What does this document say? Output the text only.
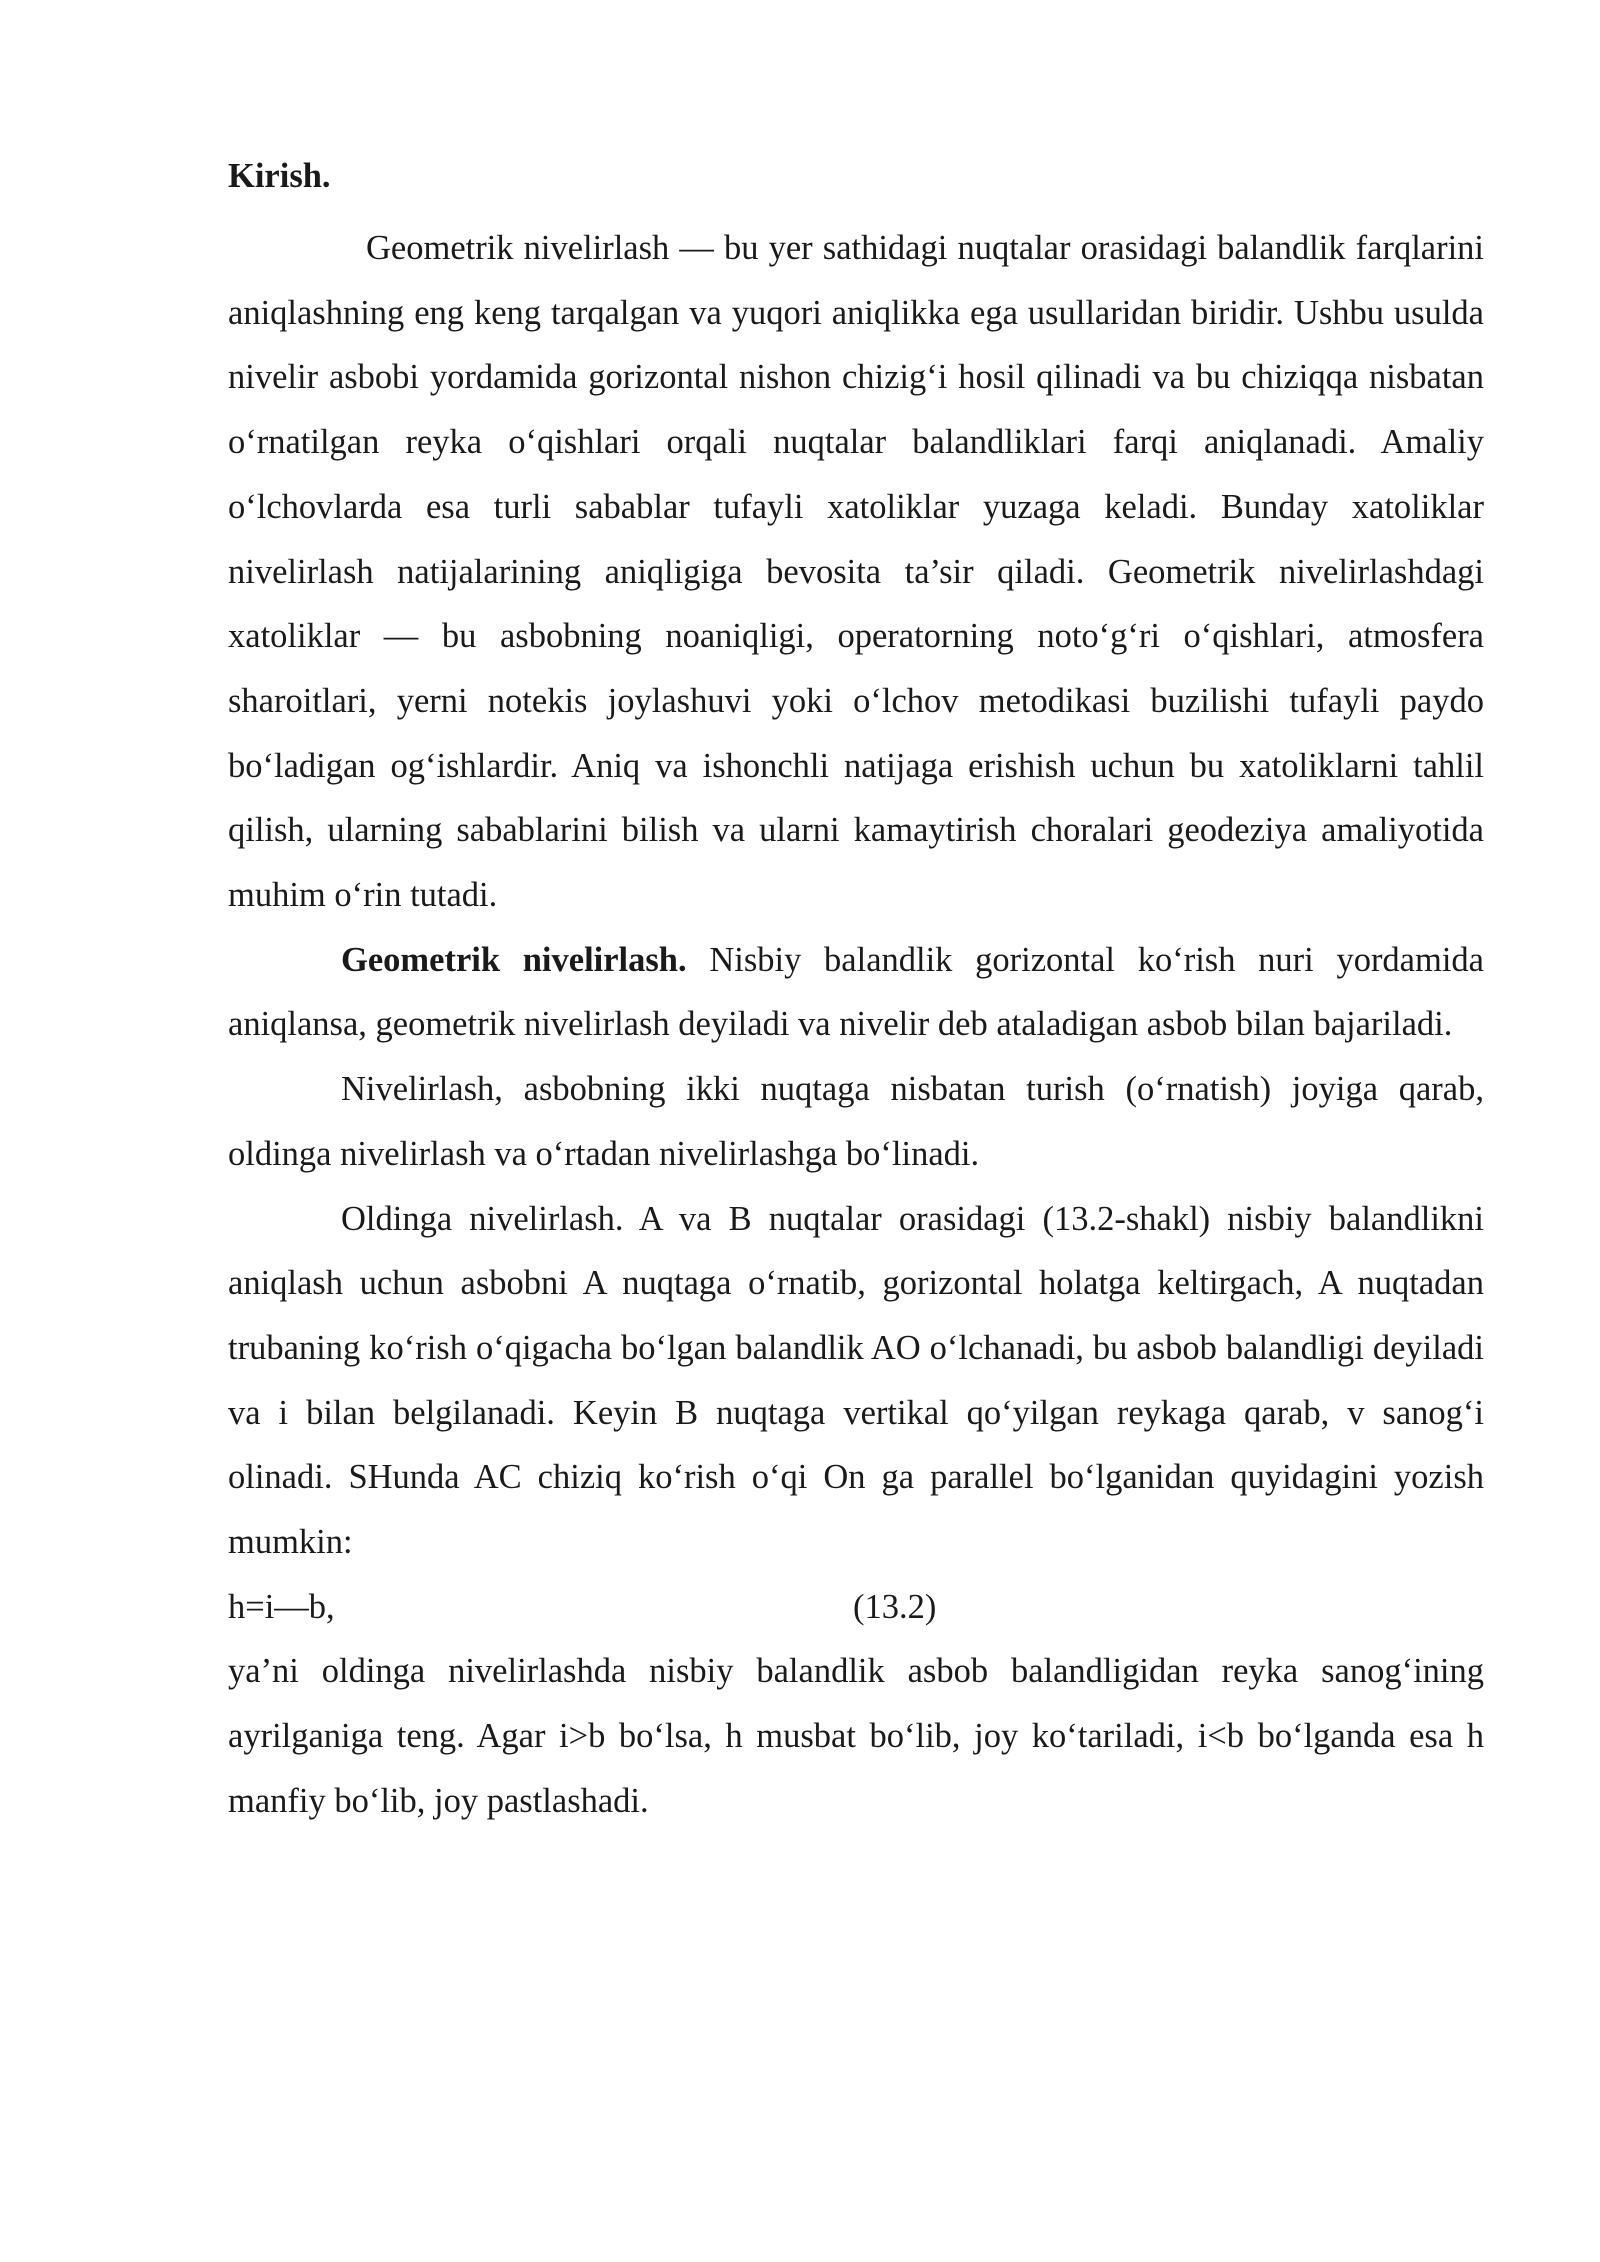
Kirish.

Geometrik nivelirlash — bu yer sathidagi nuqtalar orasidagi balandlik farqlarini aniqlashning eng keng tarqalgan va yuqori aniqlikka ega usullaridan biridir. Ushbu usulda nivelir asbobi yordamida gorizontal nishon chizig‘i hosil qilinadi va bu chiziqqa nisbatan o‘rnatilgan reyka o‘qishlari orqali nuqtalar balandliklari farqi aniqlanadi. Amaliy o‘lchovlarda esa turli sabablar tufayli xatoliklar yuzaga keladi. Bunday xatoliklar nivelirlash natijalarining aniqligiga bevosita ta’sir qiladi. Geometrik nivelirlashdagi xatoliklar — bu asbobning noaniqligi, operatorning noto‘g‘ri o‘qishlari, atmosfera sharoitlari, yerni notekis joylashuvi yoki o‘lchov metodikasi buzilishi tufayli paydo bo‘ladigan og‘ishlardir. Aniq va ishonchli natijaga erishish uchun bu xatoliklarni tahlil qilish, ularning sabablarini bilish va ularni kamaytirish choralari geodeziya amaliyotida muhim o‘rin tutadi.

Geometrik nivelirlash. Nisbiy balandlik gorizontal ko‘rish nuri yordamida aniqlansa, geometrik nivelirlash deyiladi va nivelir deb ataladigan asbob bilan bajariladi.

Nivelirlash, asbobning ikki nuqtaga nisbatan turish (o‘rnatish) joyiga qarab, oldinga nivelirlash va o‘rtadan nivelirlashga bo‘linadi.

Oldinga nivelirlash. A va B nuqtalar orasidagi (13.2-shakl) nisbiy balandlikni aniqlash uchun asbobni A nuqtaga o‘rnatib, gorizontal holatga keltirgach, A nuqtadan trubaning ko‘rish o‘qigacha bo‘lgan balandlik AO o‘lchanadi, bu asbob balandligi deyiladi va i bilan belgilanadi. Keyin B nuqtaga vertikal qo‘yilgan reykaga qarab, v sanog‘i olinadi. SHunda AC chiziq ko‘rish o‘qi On ga parallel bo‘lganidan quyidagini yozish mumkin:

h=i—b,	(13.2)

ya’ni oldinga nivelirlashda nisbiy balandlik asbob balandligidan reyka sanog‘ining ayrilganiga teng. Agar i>b bo‘lsa, h musbat bo‘lib, joy ko‘tariladi, i<b bo‘lganda esa h manfiy bo‘lib, joy pastlashadi.
